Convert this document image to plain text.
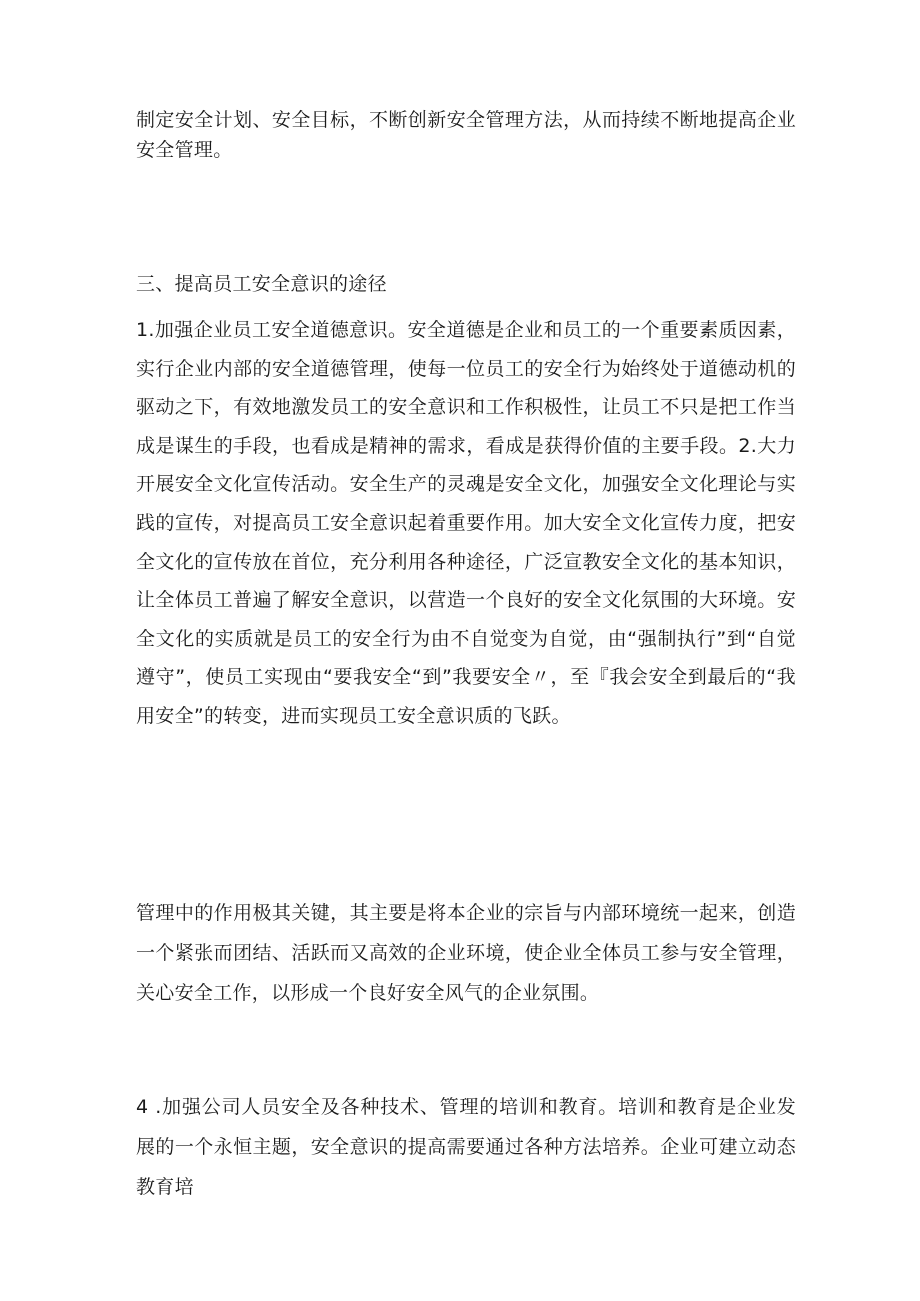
制定安全计划、安全目标，不断创新安全管理方法，从而持续不断地提高企业安全管理。

三、提高员工安全意识的途径

1.加强企业员工安全道德意识。安全道德是企业和员工的一个重要素质因素，实行企业内部的安全道德管理，使每一位员工的安全行为始终处于道德动机的驱动之下，有效地激发员工的安全意识和工作积极性，让员工不只是把工作当成是谋生的手段，也看成是精神的需求，看成是获得价值的主要手段。2.大力开展安全文化宣传活动。安全生产的灵魂是安全文化，加强安全文化理论与实践的宣传，对提高员工安全意识起着重要作用。加大安全文化宣传力度，把安全文化的宣传放在首位，充分利用各种途径，广泛宣教安全文化的基本知识，让全体员工普遍了解安全意识，以营造一个良好的安全文化氛围的大环境。安全文化的实质就是员工的安全行为由不自觉变为自觉，由“强制执行”到“自觉遵守”，使员工实现由“要我安全“到”我要安全〃，至『我会安全到最后的“我用安全”的转变，进而实现员工安全意识质的飞跃。

管理中的作用极其关键，其主要是将本企业的宗旨与内部环境统一起来，创造一个紧张而团结、活跃而又高效的企业环境，使企业全体员工参与安全管理，关心安全工作，以形成一个良好安全风气的企业氛围。

4 .加强公司人员安全及各种技术、管理的培训和教育。培训和教育是企业发展的一个永恒主题，安全意识的提高需要通过各种方法培养。企业可建立动态教育培
